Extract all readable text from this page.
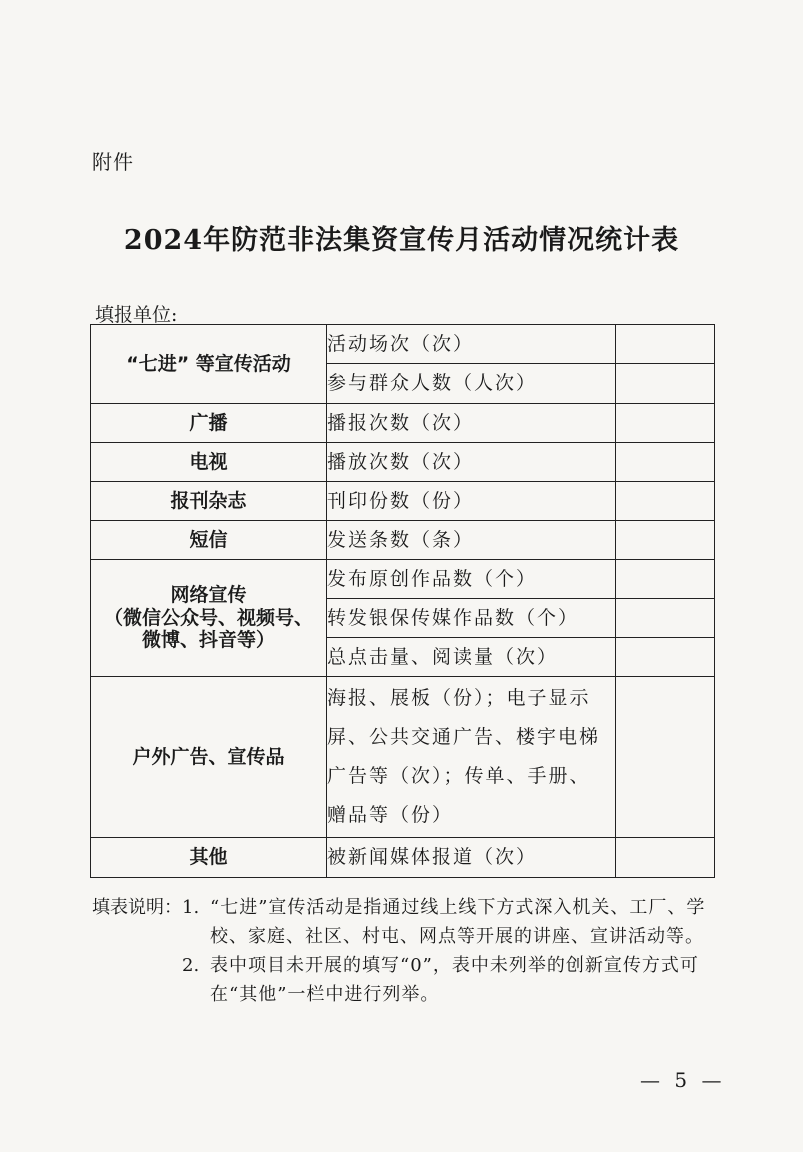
附件
2024年防范非法集资宣传月活动情况统计表
填报单位:
“七进” 等宣传活动	活动场次（次）	
	参与群众人数（人次）	
广播	播报次数（次）	
电视	播放次数（次）	
报刊杂志	刊印份数（份）	
短信	发送条数（条）	

网络宣传
（微信公众号、视频号、
微博、抖音等）	发布原创作品数（个）	
	转发银保传媒作品数（个）	
	总点击量、阅读量（次）	
户外广告、宣传品	海报、展板（份）；电子显示
屏、公共交通广告、楼宇电梯
广告等（次）；传单、手册、
赠品等（份）	

其他	被新闻媒体报道（次）	
填表说明： 1. “七进”宣传活动是指通过线上线下方式深入机关、工厂、学校、家庭、社区、村屯、网点等开展的讲座、宣讲活动等。
2. 表中项目未开展的填写“0”，表中未列举的创新宣传方式可在“其他”一栏中进行列举。
— 5 —
